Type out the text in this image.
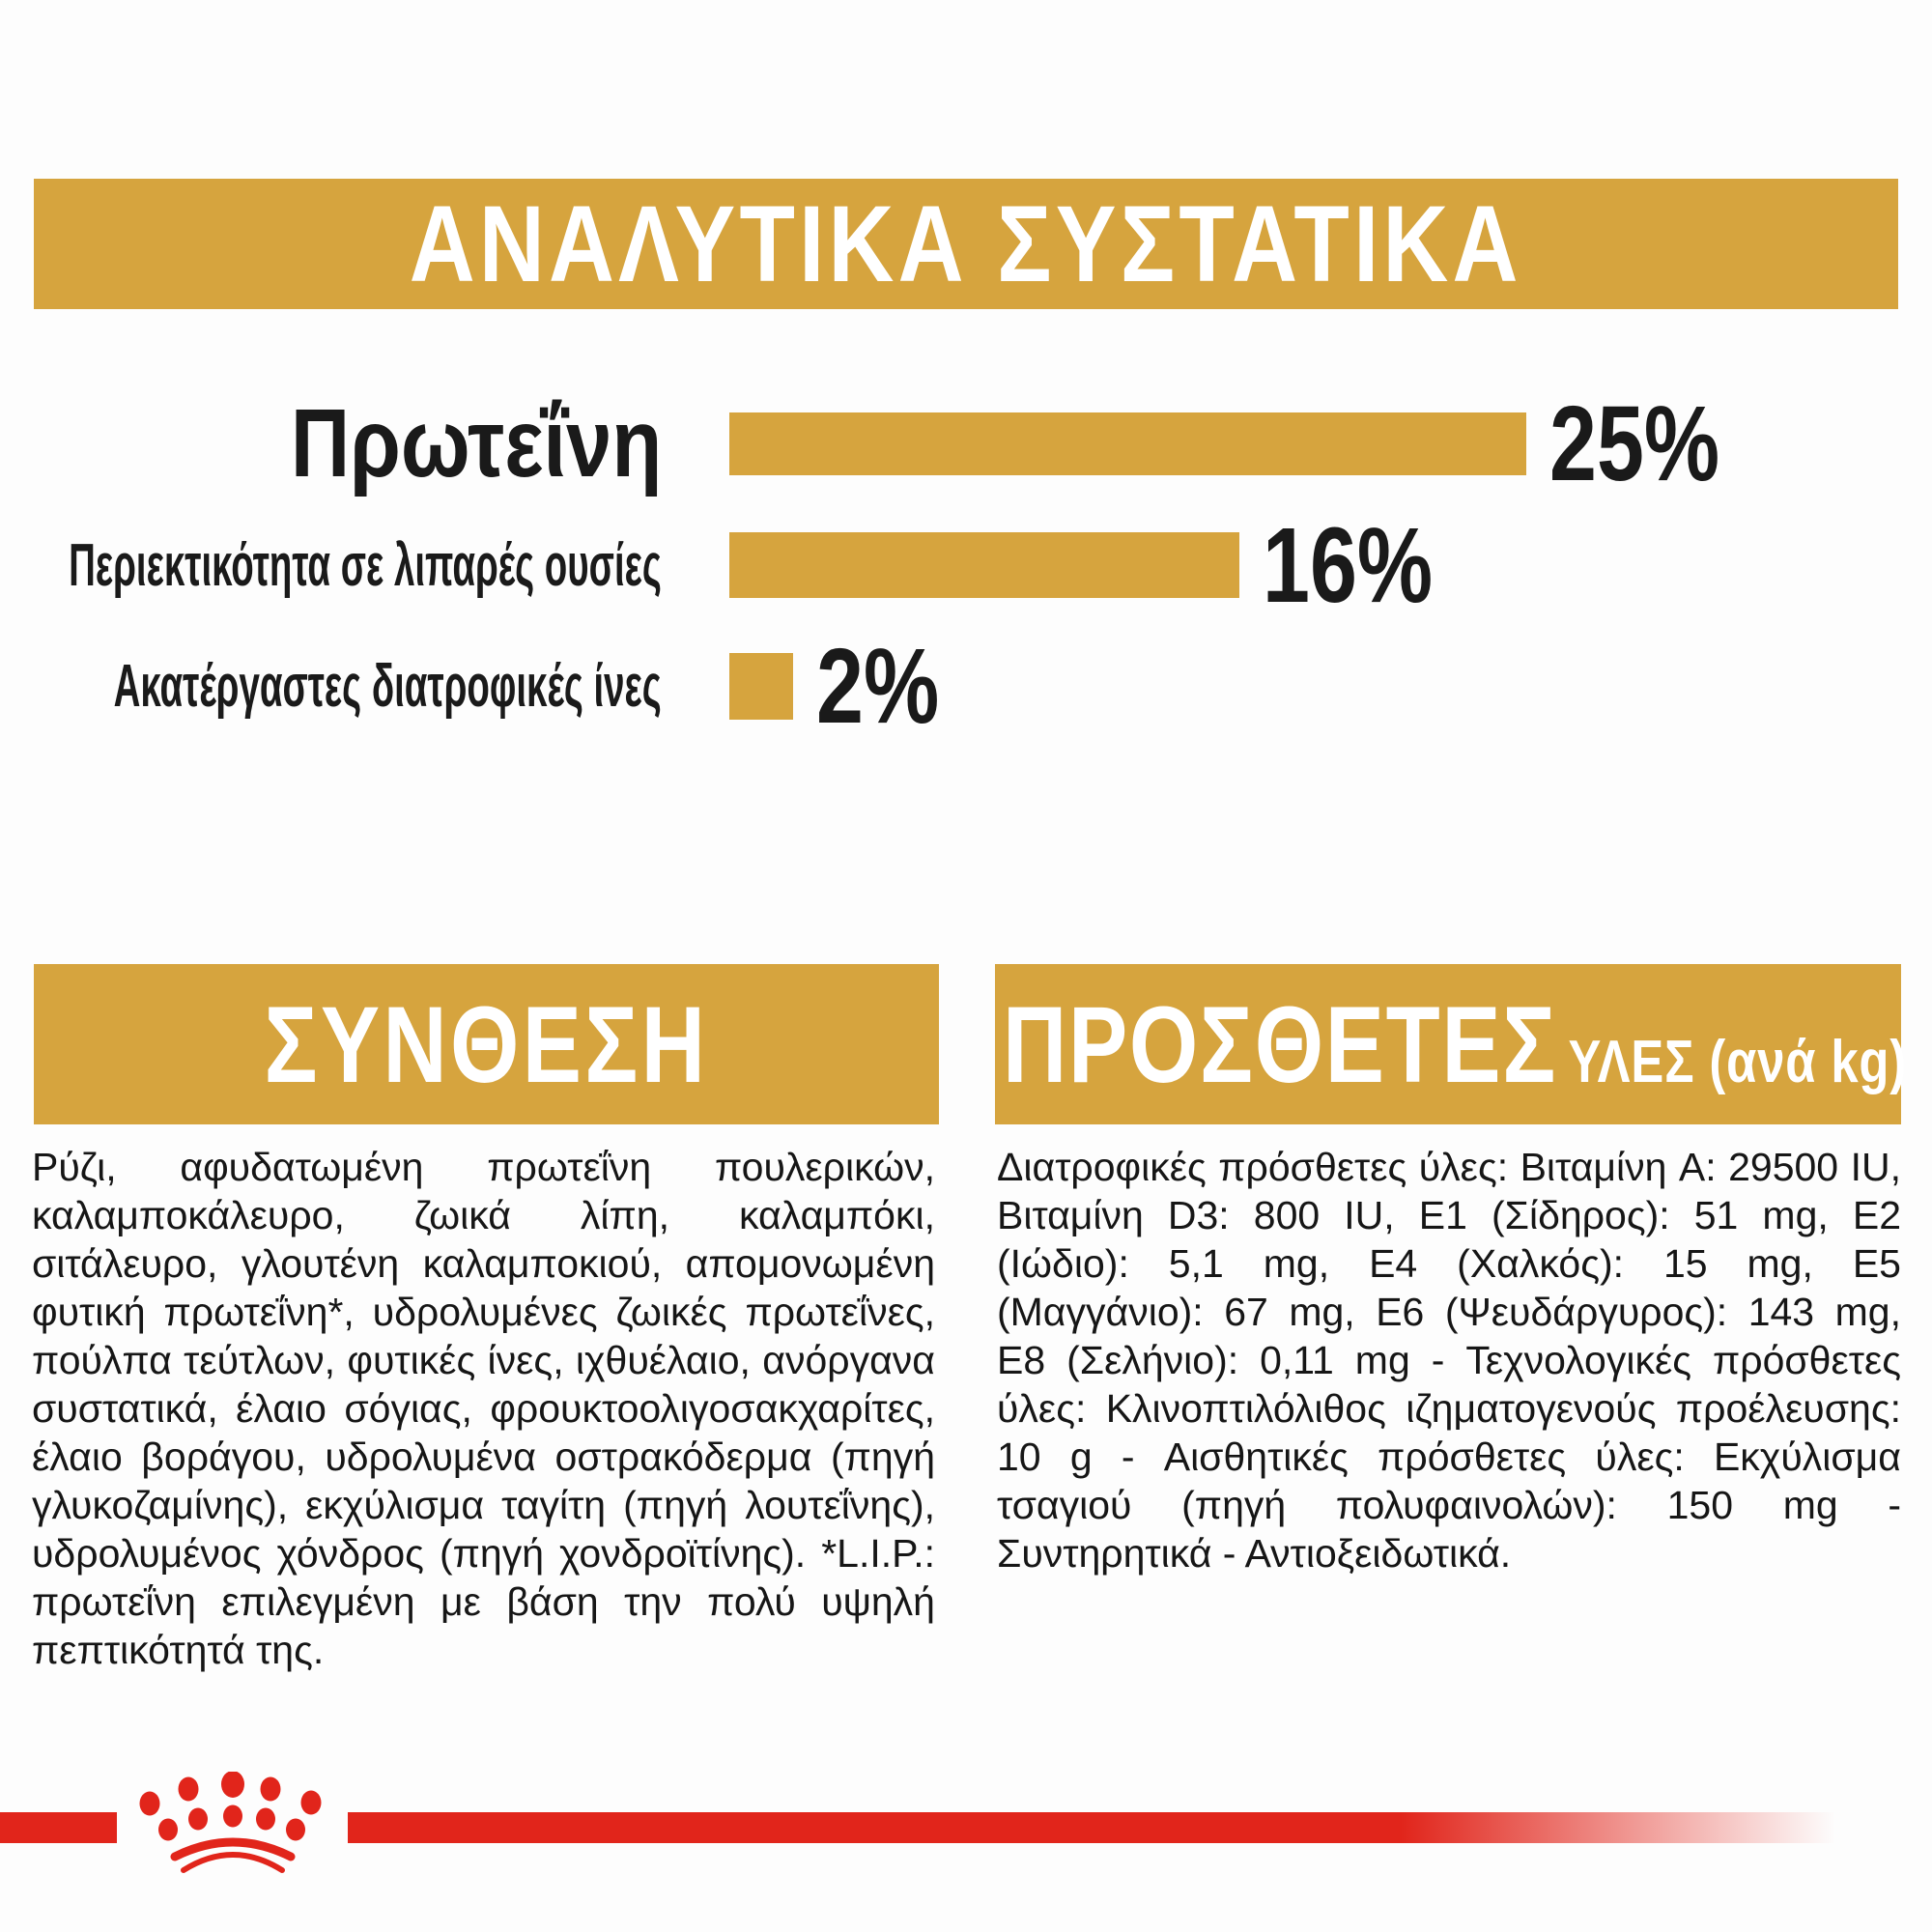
ΑΝΑΛΥΤΙΚΑ ΣΥΣΤΑΤΙΚΑ
Πρωτεΐνη	25%
Περιεκτικότητα σε λιπαρές ουσίες	16%
Ακατέργαστες διατροφικές ίνες 2%
ΣΥΝΘΕΣΗ	ΠΡΟΣΘΕΤΕΣ ΥΛΕΣ (ανά kg)
Ρύζι, αφυδατωμένη πρωτεΐνη πουλερικών, καλαμποκάλευρο, ζωικά λίπη, καλαμπόκι, σιτάλευρο, γλουτένη καλαμποκιού, απομονωμένη φυτική πρωτεΐνη*, υδρολυμένες ζωικές πρωτεΐνες, πούλπα τεύτλων, φυτικές ίνες, ιχθυέλαιο, ανόργανα συστατικά, έλαιο σόγιας, φρουκτοολιγοσακχαρίτες, έλαιο βοράγου, υδρολυμένα οστρακόδερμα (πηγή γλυκοζαμίνης), εκχύλισμα ταγίτη (πηγή λουτεΐνης), υδρολυμένος χόνδρος (πηγή χονδροϊτίνης). *L.I.P.: πρωτεΐνη επιλεγμένη με βάση την πολύ υψηλή πεπτικότητά της.
Διατροφικές πρόσθετες ύλες: Βιταμίνη A: 29500 IU, Βιταμίνη D3: 800 IU, E1 (Σίδηρος): 51 mg, E2 (Ιώδιο): 5,1 mg, E4 (Χαλκός): 15 mg, E5 (Μαγγάνιο): 67 mg, E6 (Ψευδάργυρος): 143 mg, E8 (Σελήνιο): 0,11 mg - Τεχνολογικές πρόσθετες ύλες: Κλινοπτιλόλιθος ιζηματογενούς προέλευσης: 10 g - Αισθητικές πρόσθετες ύλες: Εκχύλισμα τσαγιού (πηγή πολυφαινολών): 150 mg - Συντηρητικά - Αντιοξειδωτικά.
